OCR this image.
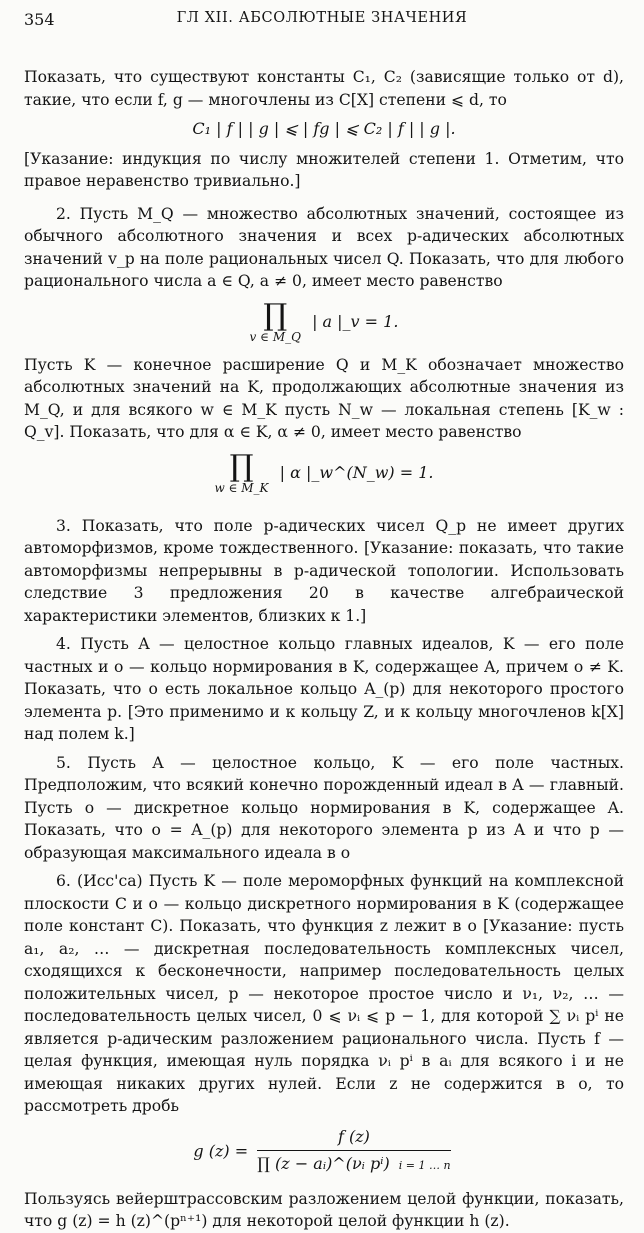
354	ГЛ XII. АБСОЛЮТНЫЕ ЗНАЧЕНИЯ

Показать, что существуют константы C₁, C₂ (зависящие только от d), такие, что если f, g — многочлены из C[X] степени ⩽ d, то

C₁ | f | | g | ⩽ | fg | ⩽ C₂ | f | | g |.

[Указание: индукция по числу множителей степени 1. Отметим, что правое неравенство тривиально.]

2. Пусть M_Q — множество абсолютных значений, состоящее из обычного абсолютного значения и всех p-адических абсолютных значений v_p на поле рациональных чисел Q. Показать, что для любого рационального числа a ∈ Q, a ≠ 0, имеет место равенство

∏
v ∈ M_Q
| a |_v = 1.

Пусть K — конечное расширение Q и M_K обозначает множество абсолютных значений на K, продолжающих абсолютные значения из M_Q, и для всякого w ∈ M_K пусть N_w — локальная степень [K_w : Q_v]. Показать, что для α ∈ K, α ≠ 0, имеет место равенство

∏
w ∈ M_K
| α |_w^(N_w) = 1.

3. Показать, что поле p-адических чисел Q_p не имеет других автоморфизмов, кроме тождественного. [Указание: показать, что такие автоморфизмы непрерывны в p-адической топологии. Использовать следствие 3 предложения 20 в качестве алгебраической характеристики элементов, близких к 1.]

4. Пусть A — целостное кольцо главных идеалов, K — его поле частных и o — кольцо нормирования в K, содержащее A, причем o ≠ K. Показать, что o есть локальное кольцо A_(p) для некоторого простого элемента p. [Это применимо и к кольцу Z, и к кольцу многочленов k[X] над полем k.]

5. Пусть A — целостное кольцо, K — его поле частных. Предположим, что всякий конечно порожденный идеал в A — главный. Пусть o — дискретное кольцо нормирования в K, содержащее A. Показать, что o = A_(p) для некоторого элемента p из A и что p — образующая максимального идеала в o

6. (Иcc'са) Пусть K — поле мероморфных функций на комплексной плоскости C и o — кольцо дискретного нормирования в K (содержащее поле констант C). Показать, что функция z лежит в o [Указание: пусть a₁, a₂, … — дискретная последовательность комплексных чисел, сходящихся к бесконечности, например последовательность целых положительных чисел, p — некоторое простое число и ν₁, ν₂, … — последовательность целых чисел, 0 ⩽ νᵢ ⩽ p − 1, для которой ∑ νᵢ pⁱ не является p-адическим разложением рационального числа. Пусть f — целая функция, имеющая нуль порядка νᵢ pⁱ в aᵢ для всякого i и не имеющая никаких других нулей. Если z не содержится в o, то рассмотреть дробь

g $(z) = \frac{f (z)}{\text{∏ (z − aᵢ)\textasciicircum{}(νᵢ pⁱ) i = 1 … n}}$

Пользуясь вейерштрассовским разложением целой функции, показать, что g (z) = h (z)^(pⁿ⁺¹) для некоторой целой функции h (z).
